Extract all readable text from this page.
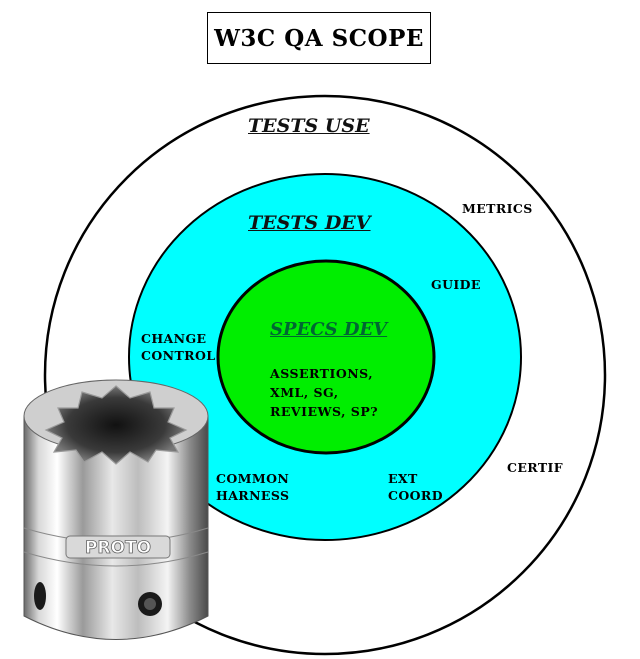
W3C QA SCOPE
TESTS USE
TESTS DEV
SPECS DEV
ASSERTIONS,
XML, SG,
REVIEWS, SP?
METRICS
GUIDE
CHANGE
CONTROL
CERTIF
COMMON
HARNESS
EXT
COORD
PROTO
